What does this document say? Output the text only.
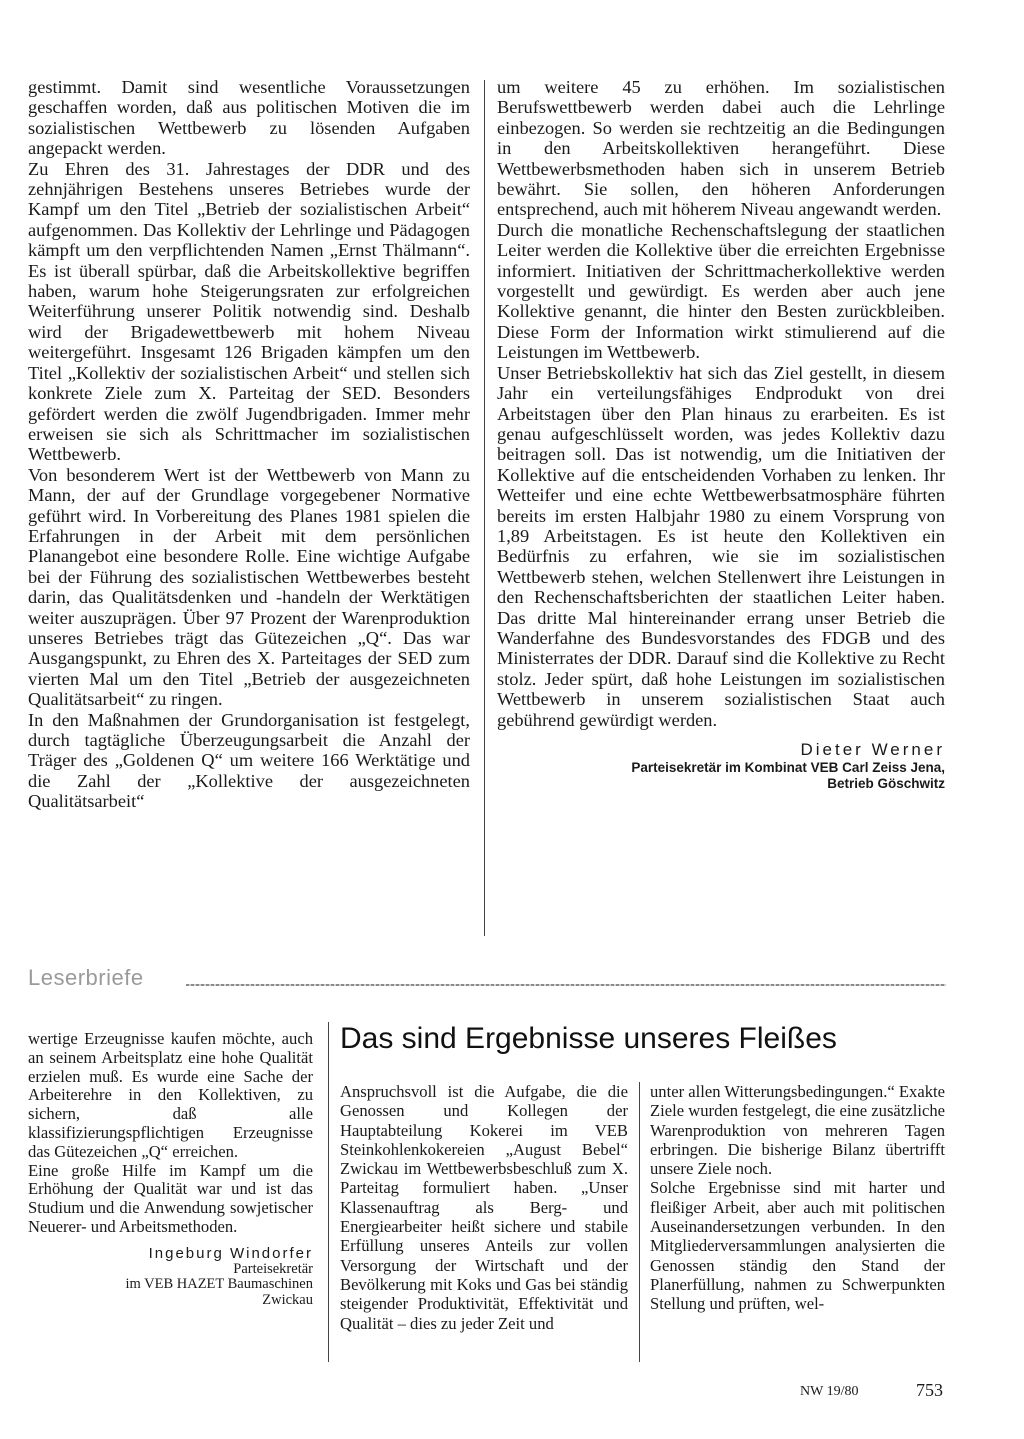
gestimmt. Damit sind wesentliche Voraussetzungen geschaffen worden, daß aus politischen Motiven die im sozialistischen Wettbewerb zu lösenden Aufgaben angepackt werden.

Zu Ehren des 31. Jahrestages der DDR und des zehnjährigen Bestehens unseres Betriebes wurde der Kampf um den Titel „Betrieb der sozialistischen Arbeit“ aufgenommen. Das Kollektiv der Lehrlinge und Pädagogen kämpft um den verpflichtenden Namen „Ernst Thälmann“. Es ist überall spürbar, daß die Arbeitskollektive begriffen haben, warum hohe Steigerungsraten zur erfolgreichen Weiterführung unserer Politik notwendig sind. Deshalb wird der Brigadewettbewerb mit hohem Niveau weitergeführt. Insgesamt 126 Brigaden kämpfen um den Titel „Kollektiv der sozialistischen Arbeit“ und stellen sich konkrete Ziele zum X. Parteitag der SED. Besonders gefördert werden die zwölf Jugendbrigaden. Immer mehr erweisen sie sich als Schrittmacher im sozialistischen Wettbewerb.

Von besonderem Wert ist der Wettbewerb von Mann zu Mann, der auf der Grundlage vorgegebener Normative geführt wird. In Vorbereitung des Planes 1981 spielen die Erfahrungen in der Arbeit mit dem persönlichen Planangebot eine besondere Rolle. Eine wichtige Aufgabe bei der Führung des sozialistischen Wettbewerbes besteht darin, das Qualitätsdenken und -handeln der Werktätigen weiter auszuprägen. Über 97 Prozent der Warenproduktion unseres Betriebes trägt das Gütezeichen „Q“. Das war Ausgangspunkt, zu Ehren des X. Parteitages der SED zum vierten Mal um den Titel „Betrieb der ausgezeichneten Qualitätsarbeit“ zu ringen.

In den Maßnahmen der Grundorganisation ist festgelegt, durch tagtägliche Überzeugungsarbeit die Anzahl der Träger des „Goldenen Q“ um weitere 166 Werktätige und die Zahl der „Kollektive der ausgezeichneten Qualitätsarbeit“

um weitere 45 zu erhöhen. Im sozialistischen Berufswettbewerb werden dabei auch die Lehrlinge einbezogen. So werden sie rechtzeitig an die Bedingungen in den Arbeitskollektiven herangeführt. Diese Wettbewerbsmethoden haben sich in unserem Betrieb bewährt. Sie sollen, den höheren Anforderungen entsprechend, auch mit höherem Niveau angewandt werden.

Durch die monatliche Rechenschaftslegung der staatlichen Leiter werden die Kollektive über die erreichten Ergebnisse informiert. Initiativen der Schrittmacherkollektive werden vorgestellt und gewürdigt. Es werden aber auch jene Kollektive genannt, die hinter den Besten zurückbleiben. Diese Form der Information wirkt stimulierend auf die Leistungen im Wettbewerb.

Unser Betriebskollektiv hat sich das Ziel gestellt, in diesem Jahr ein verteilungsfähiges Endprodukt von drei Arbeitstagen über den Plan hinaus zu erarbeiten. Es ist genau aufgeschlüsselt worden, was jedes Kollektiv dazu beitragen soll. Das ist notwendig, um die Initiativen der Kollektive auf die entscheidenden Vorhaben zu lenken. Ihr Wetteifer und eine echte Wettbewerbsatmosphäre führten bereits im ersten Halbjahr 1980 zu einem Vorsprung von 1,89 Arbeitstagen. Es ist heute den Kollektiven ein Bedürfnis zu erfahren, wie sie im sozialistischen Wettbewerb stehen, welchen Stellenwert ihre Leistungen in den Rechenschaftsberichten der staatlichen Leiter haben. Das dritte Mal hintereinander errang unser Betrieb die Wanderfahne des Bundesvorstandes des FDGB und des Ministerrates der DDR. Darauf sind die Kollektive zu Recht stolz. Jeder spürt, daß hohe Leistungen im sozialistischen Wettbewerb in unserem sozialistischen Staat auch gebührend gewürdigt werden.

Dieter Werner
Parteisekretär im Kombinat VEB Carl Zeiss Jena,
Betrieb Göschwitz
Leserbriefe

wertige Erzeugnisse kaufen möchte, auch an seinem Arbeitsplatz eine hohe Qualität erzielen muß. Es wurde eine Sache der Arbeiterehre in den Kollektiven, zu sichern, daß alle klassifizierungspflichtigen Erzeugnisse das Gütezeichen „Q“ erreichen.

Eine große Hilfe im Kampf um die Erhöhung der Qualität war und ist das Studium und die Anwendung sowjetischer Neuerer- und Arbeitsmethoden.

Ingeburg Windorfer
Parteisekretär
im VEB HAZET Baumaschinen
Zwickau
Das sind Ergebnisse unseres Fleißes

Anspruchsvoll ist die Aufgabe, die die Genossen und Kollegen der Hauptabteilung Kokerei im VEB Steinkohlenkokereien „August Bebel“ Zwickau im Wettbewerbsbeschluß zum X. Parteitag formuliert haben. „Unser Klassenauftrag als Berg- und Energiearbeiter heißt sichere und stabile Erfüllung unseres Anteils zur vollen Versorgung der Wirtschaft und der Bevölkerung mit Koks und Gas bei ständig steigender Produktivität, Effektivität und Qualität – dies zu jeder Zeit und

unter allen Witterungsbedingungen.“ Exakte Ziele wurden festgelegt, die eine zusätzliche Warenproduktion von mehreren Tagen erbringen. Die bisherige Bilanz übertrifft unsere Ziele noch.

Solche Ergebnisse sind mit harter und fleißiger Arbeit, aber auch mit politischen Auseinandersetzungen verbunden. In den Mitgliederversammlungen analysierten die Genossen ständig den Stand der Planerfüllung, nahmen zu Schwerpunkten Stellung und prüften, wel-

NW 19/80	753
